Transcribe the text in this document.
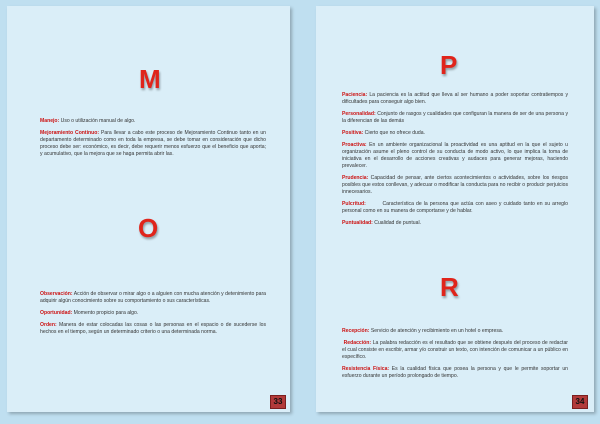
M

Manejo: Uso o utilización manual de algo.

Mejoramiento Continuo: Para llevar a cabo este proceso de Mejoramiento Continuo tanto en un departamento determinado como en toda la empresa, se debe tomar en consideración que dicho proceso debe ser: económico, es decir, debe requerir menos esfuerzo que el beneficio que aporta; y acumulativo, que la mejora que se haga permita abrir las.

O

Observación: Acción de observar o mirar algo o a alguien con mucha atención y detenimiento para adquirir algún conocimiento sobre su comportamiento o sus características.

Oportunidad: Momento propicio para algo.

Orden: Manera de estar colocadas las cosas o las personas en el espacio o de sucederse los hechos en el tiempo, según un determinado criterio o una determinada norma.

33
P

Paciencia: La paciencia es la actitud que lleva al ser humano a poder soportar contratiempos y dificultades para conseguir algo bien.

Personalidad: Conjunto de rasgos y cualidades que configuran la manera de ser de una persona y la diferencian de las demás

Positiva: Cierto que no ofrece duda.

Proactiva: En un ambiente organizacional la proactividad es una aptitud en la que el sujeto u organización asume el pleno control de su conducta de modo activo, lo que implica la toma de iniciativa en el desarrollo de acciones creativas y audaces para generar mejoras, haciendo prevalecer.

Prudencia: Capacidad de pensar, ante ciertos acontecimientos o actividades, sobre los riesgos posibles que estos conllevan, y adecuar o modificar la conducta para no recibir o producir perjuicios innecesarios.

Pulcritud:        Característica de la persona que actúa con aseo y cuidado tanto en su arreglo personal como en su manera de comportarse y de hablar.

Puntualidad: Cualidad de puntual.

R

Recepción: Servicio de atención y recibimiento en un hotel o empresa.

Redacción: La palabra redacción es el resultado que se obtiene después del proceso de redactar el cual consiste en escribir, armar y/o construir un texto, con intención de comunicar a un público en específico.

Resistencia Física: Es la cualidad física que posea la persona y que le permite soportar un esfuerzo durante un período prolongado de tiempo.

34
